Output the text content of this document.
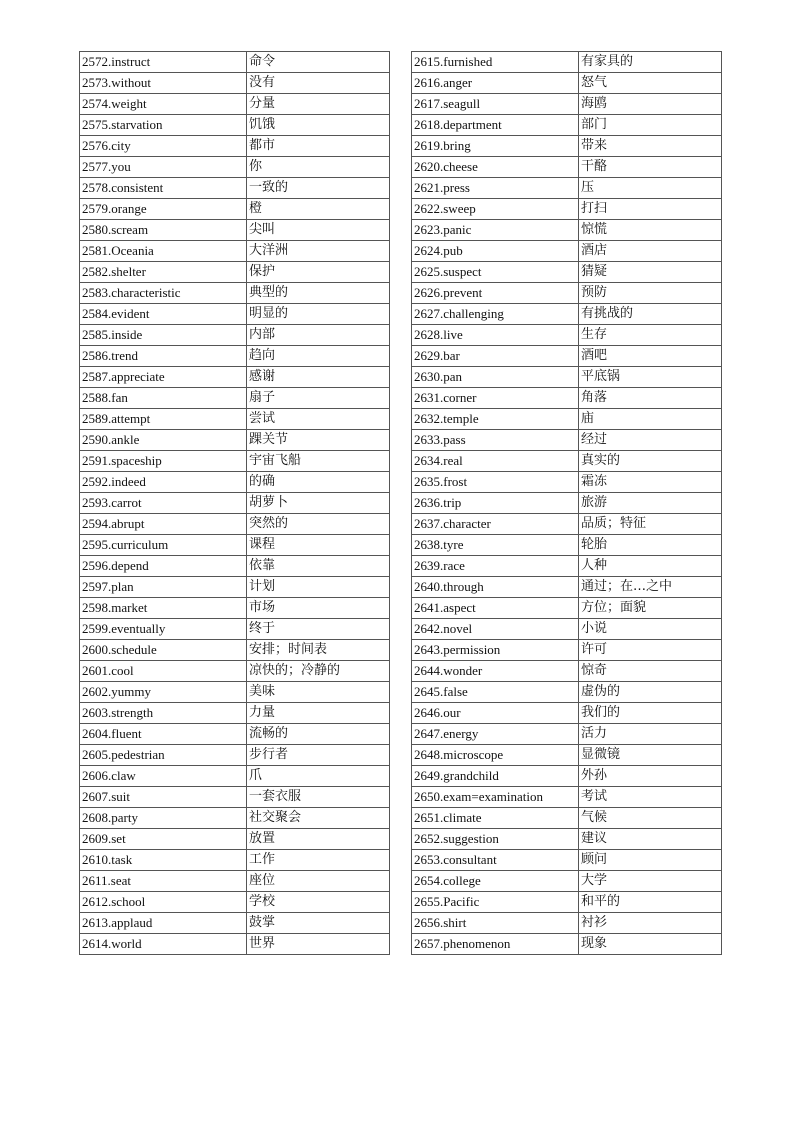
2572.instruct	命令
2573.without	没有
2574.weight	分量
2575.starvation	饥饿
2576.city	都市
2577.you	你
2578.consistent	一致的
2579.orange	橙
2580.scream	尖叫
2581.Oceania	大洋洲
2582.shelter	保护
2583.characteristic	典型的
2584.evident	明显的
2585.inside	内部
2586.trend	趋向
2587.appreciate	感谢
2588.fan	扇子
2589.attempt	尝试
2590.ankle	踝关节
2591.spaceship	宇宙飞船
2592.indeed	的确
2593.carrot	胡萝卜
2594.abrupt	突然的
2595.curriculum	课程
2596.depend	依靠
2597.plan	计划
2598.market	市场
2599.eventually	终于
2600.schedule	安排；时间表
2601.cool	凉快的；冷静的
2602.yummy	美味
2603.strength	力量
2604.fluent	流畅的
2605.pedestrian	步行者
2606.claw	爪
2607.suit	一套衣服
2608.party	社交聚会
2609.set	放置
2610.task	工作
2611.seat	座位
2612.school	学校
2613.applaud	鼓掌
2614.world	世界
2615.furnished	有家具的
2616.anger	怒气
2617.seagull	海鸥
2618.department	部门
2619.bring	带来
2620.cheese	干酪
2621.press	压
2622.sweep	打扫
2623.panic	惊慌
2624.pub	酒店
2625.suspect	猜疑
2626.prevent	预防
2627.challenging	有挑战的
2628.live	生存
2629.bar	酒吧
2630.pan	平底锅
2631.corner	角落
2632.temple	庙
2633.pass	经过
2634.real	真实的
2635.frost	霜冻
2636.trip	旅游
2637.character	品质；特征
2638.tyre	轮胎
2639.race	人种
2640.through	通过；在…之中
2641.aspect	方位；面貌
2642.novel	小说
2643.permission	许可
2644.wonder	惊奇
2645.false	虚伪的
2646.our	我们的
2647.energy	活力
2648.microscope	显微镜
2649.grandchild	外孙
2650.exam=examination	考试
2651.climate	气候
2652.suggestion	建议
2653.consultant	顾问
2654.college	大学
2655.Pacific	和平的
2656.shirt	衬衫
2657.phenomenon	现象
